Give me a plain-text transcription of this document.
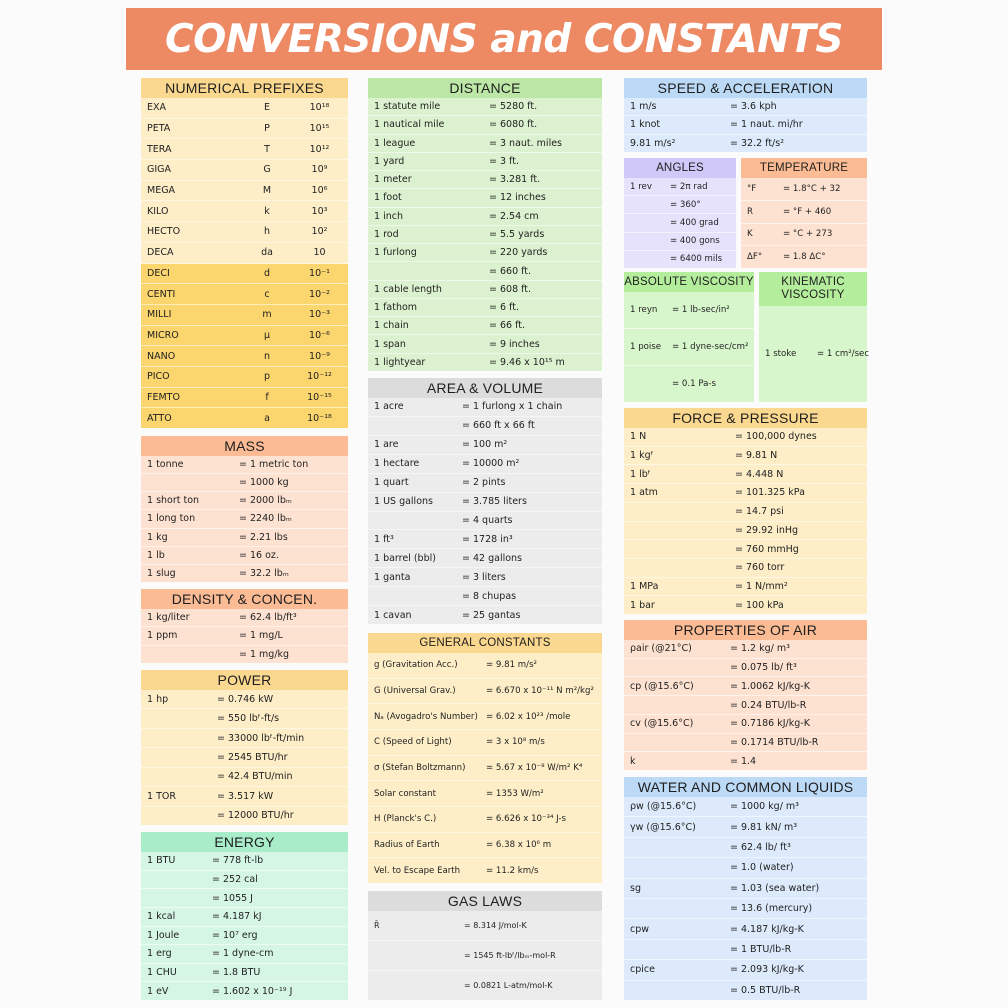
CONVERSIONS and CONSTANTS
NUMERICAL PREFIXES
EXA	E	10¹⁸
PETA	P	10¹⁵
TERA	T	10¹²
GIGA	G	10⁹
MEGA	M	10⁶
KILO	k	10³
HECTO	h	10²
DECA	da	10
DECI	d	10⁻¹
CENTI	c	10⁻²
MILLI	m	10⁻³
MICRO	μ	10⁻⁶
NANO	n	10⁻⁹
PICO	p	10⁻¹²
FEMTO	f	10⁻¹⁵
ATTO	a	10⁻¹⁸
MASS
1 tonne	= 1 metric ton
= 1000 kg
1 short ton	= 2000 lbₘ
1 long ton	= 2240 lbₘ
1 kg	= 2.21 lbs
1 lb	= 16 oz.
1 slug	= 32.2 lbₘ
DENSITY & CONCEN.
1 kg/liter	= 62.4 lb/ft³
1 ppm	= 1 mg/L
= 1 mg/kg
POWER
1 hp	= 0.746 kW
= 550 lbᶠ-ft/s
= 33000 lbᶠ-ft/min
= 2545 BTU/hr
= 42.4 BTU/min
1 TOR	= 3.517 kW
= 12000 BTU/hr
ENERGY
1 BTU	= 778 ft-lb
= 252 cal
= 1055 J
1 kcal	= 4.187 kJ
1 Joule	= 10⁷ erg
1 erg	= 1 dyne-cm
1 CHU	= 1.8 BTU
1 eV	= 1.602 x 10⁻¹⁹ J
DISTANCE
1 statute mile	= 5280 ft.
1 nautical mile	= 6080 ft.
1 league	= 3 naut. miles
1 yard	= 3 ft.
1 meter	= 3.281 ft.
1 foot	= 12 inches
1 inch	= 2.54 cm
1 rod	= 5.5 yards
1 furlong	= 220 yards
= 660 ft.
1 cable length	= 608 ft.
1 fathom	= 6 ft.
1 chain	= 66 ft.
1 span	= 9 inches
1 lightyear	= 9.46 x 10¹⁵ m
AREA & VOLUME
1 acre	= 1 furlong x 1 chain
= 660 ft x 66 ft
1 are	= 100 m²
1 hectare	= 10000 m²
1 quart	= 2 pints
1 US gallons	= 3.785 liters
= 4 quarts
1 ft³	= 1728 in³
1 barrel (bbl)	= 42 gallons
1 ganta	= 3 liters
= 8 chupas
1 cavan	= 25 gantas
GENERAL CONSTANTS
g (Gravitation Acc.)	= 9.81 m/s²
G (Universal Grav.)	= 6.670 x 10⁻¹¹ N m²/kg²
Nₐ (Avogadro's Number) = 6.02 x 10²³ /mole
C (Speed of Light)	= 3 x 10⁸ m/s
σ (Stefan Boltzmann)	= 5.67 x 10⁻⁸ W/m² K⁴
Solar constant	= 1353 W/m²
H (Planck's C.)	= 6.626 x 10⁻³⁴ J-s
Radius of Earth	= 6.38 x 10⁶ m
Vel. to Escape Earth	= 11.2 km/s
GAS LAWS
R̄	= 8.314 J/mol-K
= 1545 ft-lbᶠ/lbₘ-mol-R
= 0.0821 L-atm/mol-K
SPEED & ACCELERATION
1 m/s	= 3.6 kph
1 knot	= 1 naut. mi/hr
9.81 m/s²	= 32.2 ft/s²
ANGLES
1 rev	= 2π rad
= 360°
= 400 grad
= 400 gons
= 6400 mils
TEMPERATURE
°F	= 1.8°C + 32
R	= °F + 460
K	= °C + 273
ΔF°	= 1.8 ΔC°
ABSOLUTE VISCOSITY
1 reyn	= 1 lb-sec/in²
1 poise	= 1 dyne-sec/cm²
= 0.1 Pa-s
KINEMATIC VISCOSITY
1 stoke	= 1 cm²/sec
FORCE & PRESSURE
1 N	= 100,000 dynes
1 kgᶠ	= 9.81 N
1 lbᶠ	= 4.448 N
1 atm	= 101.325 kPa
= 14.7 psi
= 29.92 inHg
= 760 mmHg
= 760 torr
1 MPa	= 1 N/mm²
1 bar	= 100 kPa
PROPERTIES OF AIR
ρair (@21°C)	= 1.2 kg/ m³
= 0.075 lb/ ft³
cp (@15.6°C)	= 1.0062 kJ/kg-K
= 0.24 BTU/lb-R
cv (@15.6°C)	= 0.7186 kJ/kg-K
= 0.1714 BTU/lb-R
k	= 1.4
WATER AND COMMON LIQUIDS
ρw (@15.6°C)	= 1000 kg/ m³
γw (@15.6°C)	= 9.81 kN/ m³
= 62.4 lb/ ft³
= 1.0 (water)
sg	= 1.03 (sea water)
= 13.6 (mercury)
cpw	= 4.187 kJ/kg-K
= 1 BTU/lb-R
cpice	= 2.093 kJ/kg-K
= 0.5 BTU/lb-R
